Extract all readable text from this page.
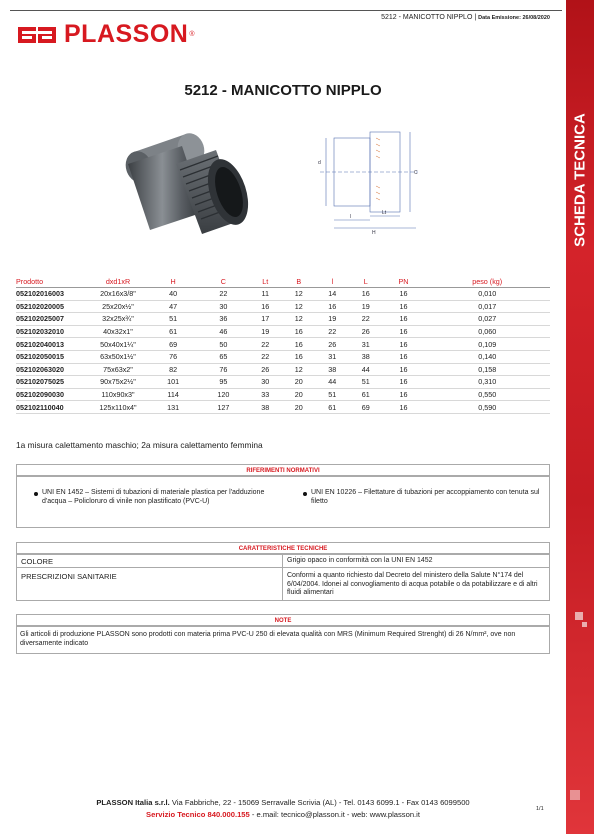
5212 - MANICOTTO NIPPLO | Data Emissione: 26/08/2020
PLASSON ®
SCHEDA TECNICA
5212 - MANICOTTO NIPPLO
d
C
l
Lt
H
Prodotto	dxd1xR	H	C	Lt	B	l	L	PN	peso (kg)
052102016003	20x16x3/8"	40	22	11	12	14	16	16	0,010
052102020005	25x20x½"	47	30	16	12	16	19	16	0,017
052102025007	32x25x¾"	51	36	17	12	19	22	16	0,027
052102032010	40x32x1"	61	46	19	16	22	26	16	0,060
052102040013	50x40x1¼"	69	50	22	16	26	31	16	0,109
052102050015	63x50x1½"	76	65	22	16	31	38	16	0,140
052102063020	75x63x2"	82	76	26	12	38	44	16	0,158
052102075025	90x75x2½"	101	95	30	20	44	51	16	0,310
052102090030	110x90x3"	114	120	33	20	51	61	16	0,550
052102110040	125x110x4"	131	127	38	20	61	69	16	0,590
1a misura calettamento maschio; 2a misura calettamento femmina
RIFERIMENTI NORMATIVI
UNI EN 1452 – Sistemi di tubazioni di materiale plastica per l'adduzione d'acqua – Policloruro di vinile non plastificato (PVC-U)
UNI EN 10226 – Filettature di tubazioni per accoppiamento con tenuta sul filetto
CARATTERISTICHE TECNICHE
COLORE	Grigio opaco in conformità con la UNI EN 1452
PRESCRIZIONI SANITARIE	Conformi a quanto richiesto dal Decreto del ministero della Salute N°174 del 6/04/2004. Idonei al convogliamento di acqua potabile o da potabilizzare e di altri fluidi alimentari
NOTE
Gli articoli di produzione PLASSON sono prodotti con materia prima PVC-U 250 di elevata qualità con MRS (Minimum Required Strenght) di 26 N/mm², ove non diversamente indicato
PLASSON Italia s.r.l. Via Fabbriche, 22 - 15069 Serravalle Scrivia (AL) - Tel. 0143 6099.1 - Fax 0143 6099500
Servizio Tecnico 840.000.155 - e.mail: tecnico@plasson.it - web: www.plasson.it
1/1
